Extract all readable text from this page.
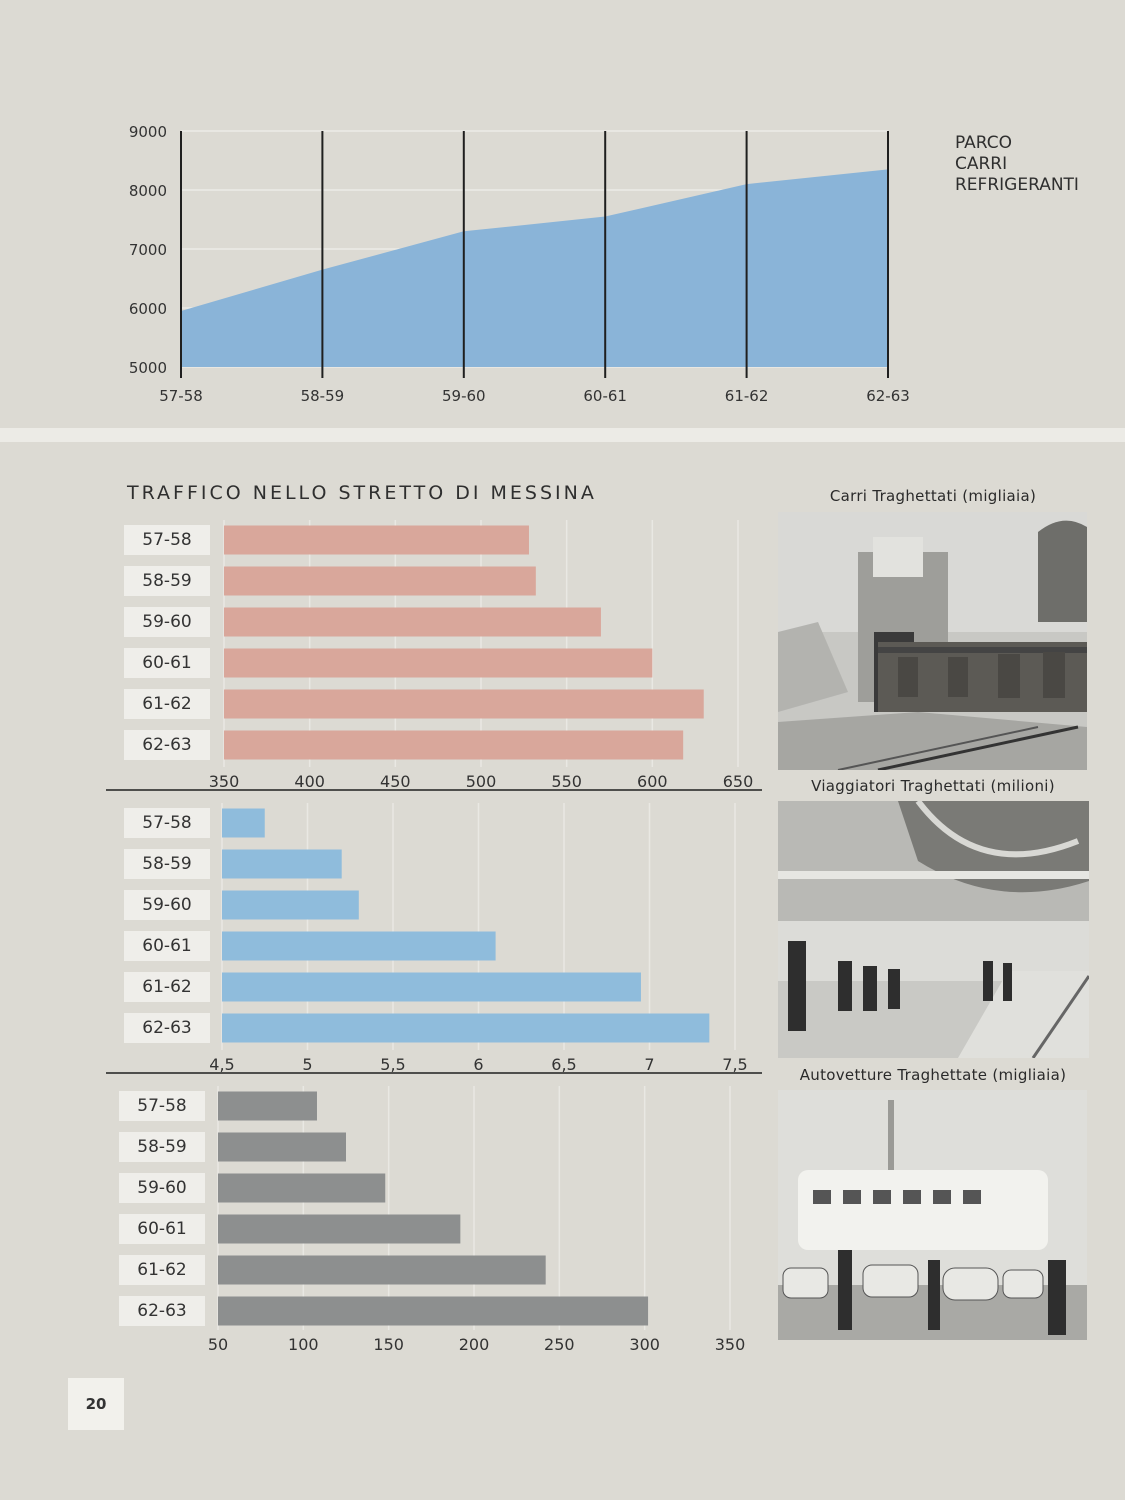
5000
6000
7000
8000
9000
57-58	58-59	59-60	60-61	61-62	62-63
PARCO
CARRI
REFRIGERANTI
TRAFFICO NELLO STRETTO DI MESSINA
350	400	450	500	550	600	650
4,5	5	5,5	6	6,5	7	7,5
50	100	150	200	250	300	350
57-58
58-59
59-60
60-61
61-62
62-63
57-58
58-59
59-60
60-61
61-62
62-63
57-58
58-59
59-60
60-61
61-62
62-63
Carri Traghettati (migliaia)
Viaggiatori Traghettati (milioni)
Autovetture Traghettate (migliaia)
20
